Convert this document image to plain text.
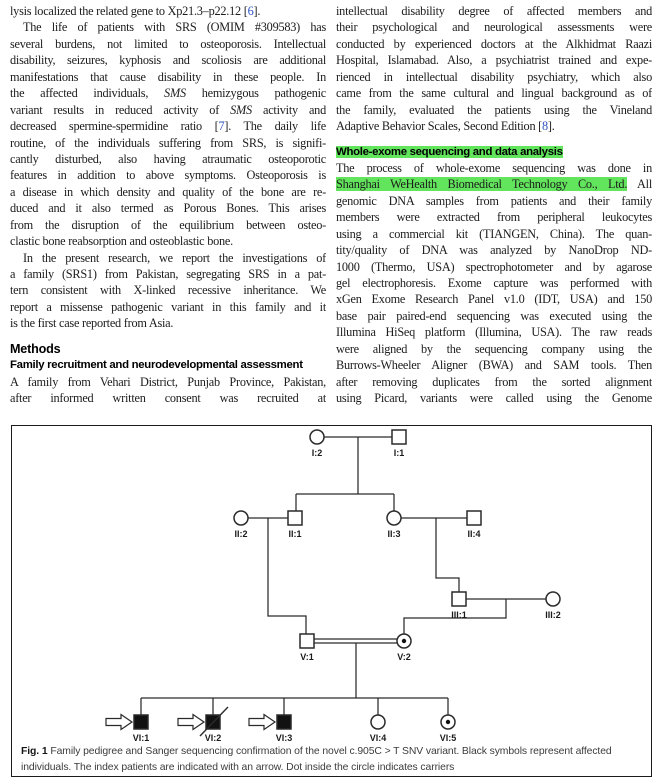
lysis localized the related gene to Xp21.3–p22.12 [6].
The life of patients with SRS (OMIM #309583) has
several burdens, not limited to osteoporosis. Intellectual
disability, seizures, kyphosis and scoliosis are additional
manifestations that cause disability in these people. In
the affected individuals, SMS hemizygous pathogenic
variant results in reduced activity of SMS activity and
decreased spermine-spermidine ratio [7]. The daily life
routine, of the individuals suffering from SRS, is signifi-
cantly disturbed, also having atraumatic osteoporotic
features in addition to above symptoms. Osteoporosis is
a disease in which density and quality of the bone are re-
duced and it also termed as Porous Bones. This arises
from the disruption of the equilibrium between osteo-
clastic bone reabsorption and osteoblastic bone.
In the present research, we report the investigations of
a family (SRS1) from Pakistan, segregating SRS in a pat-
tern consistent with X-linked recessive inheritance. We
report a missense pathogenic variant in this family and it
is the first case reported from Asia.
Methods
Family recruitment and neurodevelopmental assessment
A family from Vehari District, Punjab Province, Pakistan,
after informed written consent was recruited at
intellectual disability degree of affected members and
their psychological and neurological assessments were
conducted by experienced doctors at the Alkhidmat Raazi
Hospital, Islamabad. Also, a psychiatrist trained and expe-
rienced in intellectual disability psychiatry, which also
came from the same cultural and lingual background as of
the family, evaluated the patients using the Vineland
Adaptive Behavior Scales, Second Edition [8].
Whole-exome sequencing and data analysis
The process of whole-exome sequencing was done in
Shanghai WeHealth Biomedical Technology Co., Ltd. All
genomic DNA samples from patients and their family
members were extracted from peripheral leukocytes
using a commercial kit (TIANGEN, China). The quan-
tity/quality of DNA was analyzed by NanoDrop ND-
1000 (Thermo, USA) spectrophotometer and by agarose
gel electrophoresis. Exome capture was performed with
xGen Exome Research Panel v1.0 (IDT, USA) and 150
base pair paired-end sequencing was executed using the
Illumina HiSeq platform (Illumina, USA). The raw reads
were aligned by the sequencing company using the
Burrows-Wheeler Aligner (BWA) and SAM tools. Then
after removing duplicates from the sorted alignment
using Picard, variants were called using the Genome
I:2	I:1
II:2	II:1	II:3	II:4
III:1	III:2
V:1	V:2
VI:1	VI:2	VI:3	VI:4	VI:5
Fig. 1 Family pedigree and Sanger sequencing confirmation of the novel c.905C > T SNV variant. Black symbols represent affected individuals. The index patients are indicated with an arrow. Dot inside the circle indicates carriers
